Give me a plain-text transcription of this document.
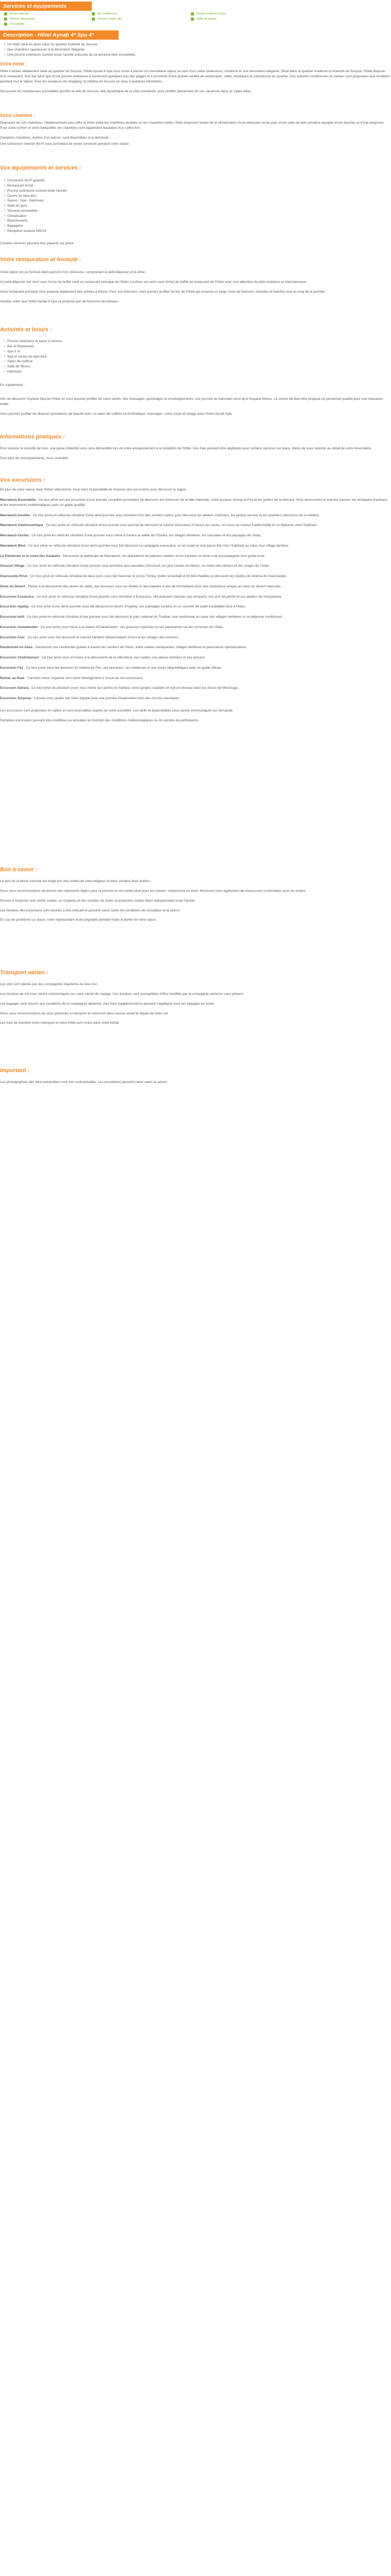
Services et équipements
Accès internet	Air conditionné	Centre médical à bord
Piscine découverte	Proche centre ville	Salle de sports
TV satellite
Description - Hôtel Aynab 4* Spa 4*
• Un hôtel situé en plein cœur du quartier branché de Sousse,
• Des chambres spacieuses à la décoration élégante,
• Une piscine extérieure ouverte toute l'année entourée de sa terrasse bien ensoleillée.

Votre hôtel :

Hôtel 4 étoiles idéalement situé au quartier de Sousse, l'hôtel Aynab 4 Spa vous invite à passer un merveilleux séjour au sein d'un cadre chaleureux, moderne et une décoration élégante. Situé dans le quartier moderne et branché de Sousse, l'hôtel dispose d'un restaurant, d'un bar ainsi que d'une piscine extérieure à seulement quelques pas des plages et à proximité d'une grande variété de restaurants, cafés, boutiques et commerces du quartier. Des activités nombreuses et variées sont proposées aux résidents pendant tout le séjour. Pour les amateurs de shopping, la médina de Sousse se situe à quelques kilomètres.

Découvrez les nombreuses possibilités qu'offre la ville de Sousse, ville dynamique de la côte tunisienne, pour profiter pleinement de vos vacances dans un cadre idéal.

Votre chambre :

Disposant de 120 chambres, l'établissement vous offre le choix entre les chambres doubles ou les chambres triples. Elles disposent toutes de la climatisation d'une télévision écran plat, d'une salle de bain privative équipée d'une douche ou d'une baignoire. Pour votre confort et votre tranquillité, les chambres sont également équipées d'un coffre-fort.

Certaines chambres, dotées d'un balcon, sont disponibles à la demande.

Une connexion Internet Wi-Fi vous permettra de rester connecté pendant votre séjour.

Vos équipements et services :

• Connexion Wi-Fi gratuite
• Restaurant et bar
• Piscine extérieure ouverte toute l'année
• Centre de bien-être
• Sauna - Spa - Hammam
• Salle de gym
• Terrasse ensoleillée
• Climatisation
• Blanchisserie
• Bagagerie
• Réception ouverte 24h/24

Certains services peuvent être payants sur place.

Votre restauration et formule :

Votre séjour est en formule demi-pension hors boissons, comprenant le petit-déjeuner et le dîner.

Le petit-déjeuner est servi sous forme de buffet varié au restaurant principal de l'hôtel. Le dîner est servi sous forme de buffet au restaurant de l'hôtel avec une sélection de plats tunisiens et internationaux.

Votre restaurant principal vous propose également des soirées à thème. Pour vos boissons, vous pouvez profiter du bar de l'hôtel qui propose un large choix de boissons chaudes et fraîches tout au long de la journée.

Veuillez noter que l'hôtel Aynab 4 Spa se propose pas de boissons alcoolisées.

Activités et loisirs :

• Piscine extérieure et bains à remous
• Bar et Restaurant
• Spa 5 %
• Spa et centre de bien-être
• Salon de coiffure
• Salle de fitness
• Hammam

En supplément :

Afin de découvrir l'espace Spa de l'hôtel où vous pourrez profiter de soins variés, des massages, gommages et enveloppements, une journée au hammam ainsi qu'à l'espace fitness. Le centre de bien-être propose un personnel qualifié pour une relaxation totale.

Vous pourrez profiter de diverses prestations de beauté avec un salon de coiffure et d'esthétique, massages, soins corps et visage avec l'hôtel Aynab Spa.

Informations pratiques :

Pour assurer la sécurité de tous, une pièce d'identité vous sera demandée lors de votre enregistrement à la réception de l'hôtel. Des frais peuvent être appliqués pour certains services sur place. Merci de vous reporter au détail de votre réservation.

Pour plus de renseignements, nous consulter.

Vos excursions :

En plus de votre séjour dans l'hôtel sélectionné, vous avez la possibilité de réserver des excursions pour découvrir la région.

Marrakech Essentielle : Ce tour privé est une excursion d'une journée complète permettant de découvrir les richesses de la ville impériale, entre la place Jemaa el-Fna et les jardins de la Menara. Vous découvrirez le marché couvert, les échoppes d'artisans et les monuments emblématiques avec un guide qualifié.

Marrakech Insolite : Ce tour privé en véhicule climatisé d'une demi-journée vous emmène hors des sentiers battus pour découvrir les ateliers d'artisans, les jardins secrets et les quartiers méconnus de la médina.

Marrakech Gastronomique : Ce tour privé en véhicule climatisé d'une journée vous permet de découvrir la cuisine marocaine à travers les souks, un cours de cuisine traditionnelle et un déjeuner chez l'habitant.

Marrakech Ourika : Ce tour privé en véhicule climatisé d'une journée vous mène à travers la vallée de l'Ourika, les villages berbères, les cascades et les paysages de l'Atlas.

Marrakech Bled : Ce tour privé en véhicule climatisé d'une demi-journée vous fait découvrir la campagne marocaine, la vie rurale et une pause thé chez l'habitant au cœur d'un village berbère.

Le Palmeraie et la route des Kasbahs : Découvrez la palmeraie de Marrakech, les plantations de palmiers dattiers et les kasbahs en terre crue accompagnés d'un guide local.

Ouzoud Village : Ce tour privé en véhicule climatisé d'une journée vous emmène aux cascades d'Ouzoud, les plus hautes du Maroc, au milieu des oliviers et des singes de l'Atlas.

Ouarzazate Privé : Ce tour privé en véhicule climatisé de deux jours vous fait traverser le col du Tichka, visiter la kasbah d'Aït-Ben-Haddou et découvrir les studios de cinéma de Ouarzazate.

Dune du Désert : Partez à la découverte des dunes de sable, des bivouacs sous les étoiles et des balades à dos de dromadaire pour une expérience unique au cœur du désert marocain.

Excursion Essaouira : Ce tour privé en véhicule climatisé d'une journée vous emmène à Essaouira, cité portuaire classée, ses remparts, son port de pêche et ses ateliers de marqueterie.

Excursion Agafay : Ce tour privé d'une demi-journée vous fait découvrir le désert d'Agafay, ses paysages lunaires et un coucher de soleil inoubliable face à l'Atlas.

Excursion Imlil : Ce tour privé en véhicule climatisé d'une journée vous fait découvrir le parc national du Toubkal, une randonnée au cœur des villages berbères et un déjeuner traditionnel.

Excursion Oukaimeden : Ce tour privé vous mène à la station d'Oukaimeden, ses gravures rupestres et ses panoramas sur les sommets de l'Atlas.

Excursion Asni : Ce tour privé vous fait découvrir le marché berbère hebdomadaire d'Asni et les villages des environs.

Randonnée en Atlas : Découvrez une randonnée guidée à travers les sentiers de l'Atlas, entre vallées verdoyantes, villages berbères et panoramas spectaculaires.

Excursion Chefchaouen : Ce tour privé vous emmène à la découverte de la ville bleue, ses ruelles, ses places animées et ses artisans.

Excursion Fès : Ce tour privé vous fait découvrir la médina de Fès, ses tanneries, ses médersas et ses souks labyrinthiques avec un guide officiel.

Retour au Riad : Transfert retour organisé vers votre hébergement à l'issue de vos excursions.

Excursion Sahara : Ce tour privé de plusieurs jours vous mène aux portes du Sahara, entre gorges, kasbahs et nuit en bivouac dans les dunes de Merzouga.

Excursion Surprise : Laissez-vous guider par notre équipe pour une journée d'exploration hors des circuits classiques.

Les excursions sont proposées en option et sont réservables auprès de votre conseiller. Les tarifs et disponibilités vous seront communiqués sur demande.

Certaines excursions peuvent être modifiées ou annulées en fonction des conditions météorologiques ou du nombre de participants.

Bon à savoir :

Le port de la tenue correcte est exigé lors des visites de sites religieux et dans certains lieux publics.

Nous vous recommandons de prévoir des vêtements légers pour la journée et une petite laine pour les soirées, notamment en hiver. Munissez-vous également de chaussures confortables pour les visites.

Pensez à emporter une crème solaire, un chapeau et des lunettes de soleil, la protection solaire étant indispensable toute l'année.

Les horaires des excursions sont donnés à titre indicatif et peuvent varier selon les conditions de circulation et la saison.

En cas de problème sur place, notre représentant reste joignable pendant toute la durée de votre séjour.

Transport aérien :

Les vols sont opérés par des compagnies régulières ou low-cost.

Les horaires de vol vous seront communiqués sur votre carnet de voyage. Ces horaires sont susceptibles d'être modifiés par la compagnie aérienne sans préavis.

Les bagages sont soumis aux conditions de la compagnie aérienne. Des frais supplémentaires peuvent s'appliquer pour les bagages en soute.

Nous vous recommandons de vous présenter à l'aéroport au minimum deux heures avant le départ de votre vol.

Les frais de transfert entre l'aéroport et votre hôtel sont inclus dans votre forfait.

Important :

Les photographies des lieux présentées sont non contractuelles. Les prestations peuvent varier selon la saison.
